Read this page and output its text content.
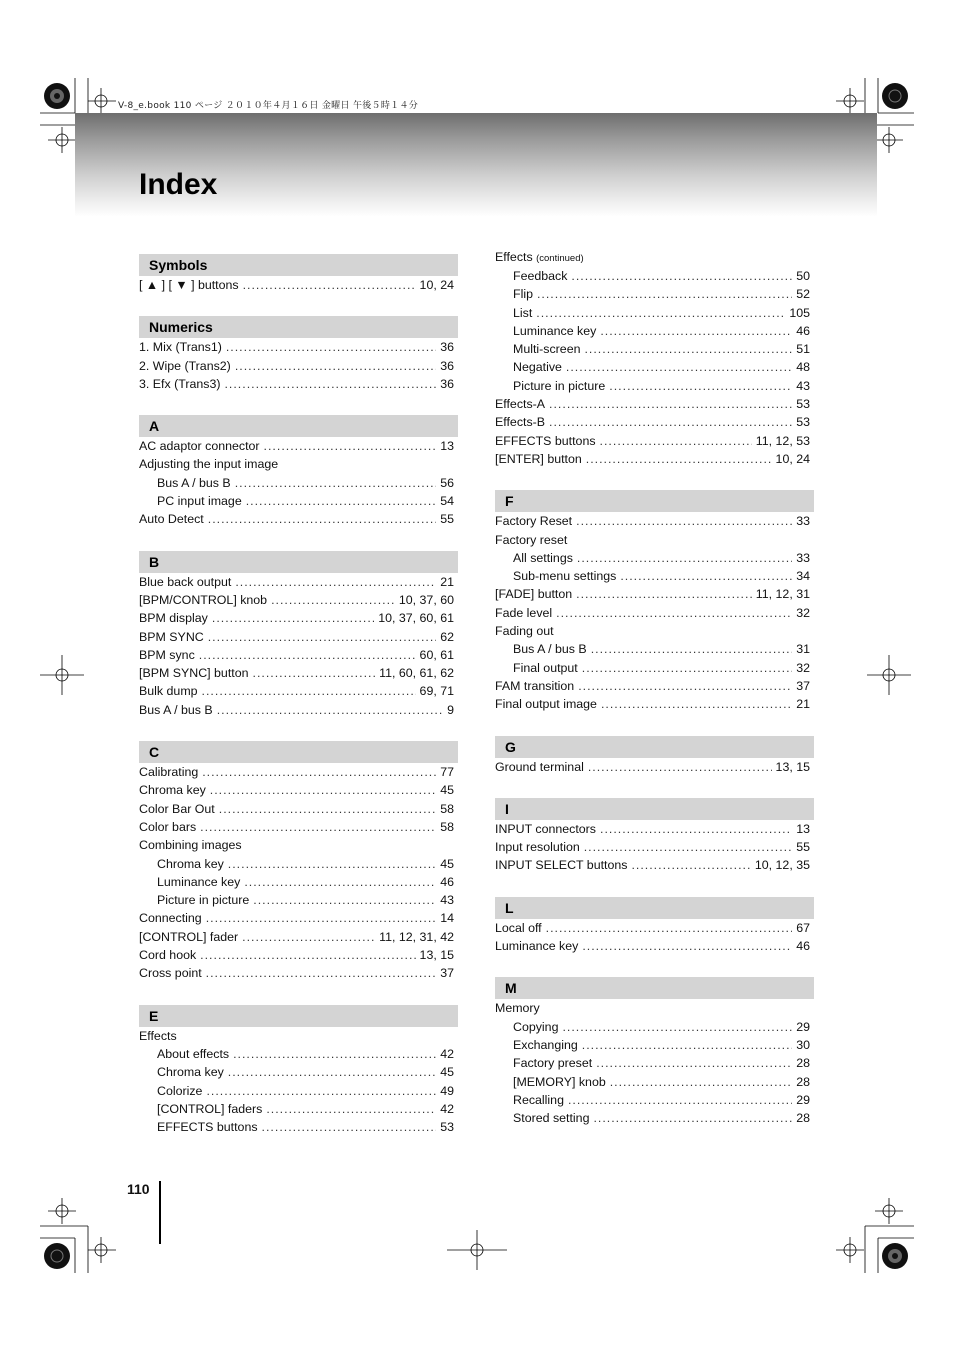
V-8_e.book 110 ページ ２０１０年４月１６日 金曜日 午後５時１４分
Index
Symbols
[ ▲ ] [ ▼ ] buttons .....	10, 24
Numerics
1. Mix (Trans1) .....	36
2. Wipe (Trans2) .....	36
3. Efx (Trans3) .....	36
A
AC adaptor connector .....	13
Adjusting the input image
Bus A / bus B .....	56
PC input image .....	54
Auto Detect .....	55
B
Blue back output .....	21
[BPM/CONTROL] knob .....	10, 37, 60
BPM display .....	10, 37, 60, 61
BPM SYNC .....	62
BPM sync .....	60, 61
[BPM SYNC] button .....	11, 60, 61, 62
Bulk dump .....	69, 71
Bus A / bus B .....	9
C
Calibrating .....	77
Chroma key .....	45
Color Bar Out .....	58
Color bars .....	58
Combining images
Chroma key .....	45
Luminance key .....	46
Picture in picture .....	43
Connecting .....	14
[CONTROL] fader .....	11, 12, 31, 42
Cord hook .....	13, 15
Cross point .....	37
E
Effects
About effects .....	42
Chroma key .....	45
Colorize .....	49
[CONTROL] faders .....	42
EFFECTS buttons .....	53
Effects (continued)
Feedback .....	50
Flip .....	52
List .....	105
Luminance key .....	46
Multi-screen .....	51
Negative .....	48
Picture in picture .....	43
Effects-A .....	53
Effects-B .....	53
EFFECTS buttons .....	11, 12, 53
[ENTER] button .....	10, 24
F
Factory Reset .....	33
Factory reset
All settings .....	33
Sub-menu settings .....	34
[FADE] button .....	11, 12, 31
Fade level .....	32
Fading out
Bus A / bus B .....	31
Final output .....	32
FAM transition .....	37
Final output image .....	21
G
Ground terminal .....	13, 15
I
INPUT connectors .....	13
Input resolution .....	55
INPUT SELECT buttons .....	10, 12, 35
L
Local off .....	67
Luminance key .....	46
M
Memory
Copying .....	29
Exchanging .....	30
Factory preset .....	28
[MEMORY] knob .....	28
Recalling .....	29
Stored setting .....	28
110
